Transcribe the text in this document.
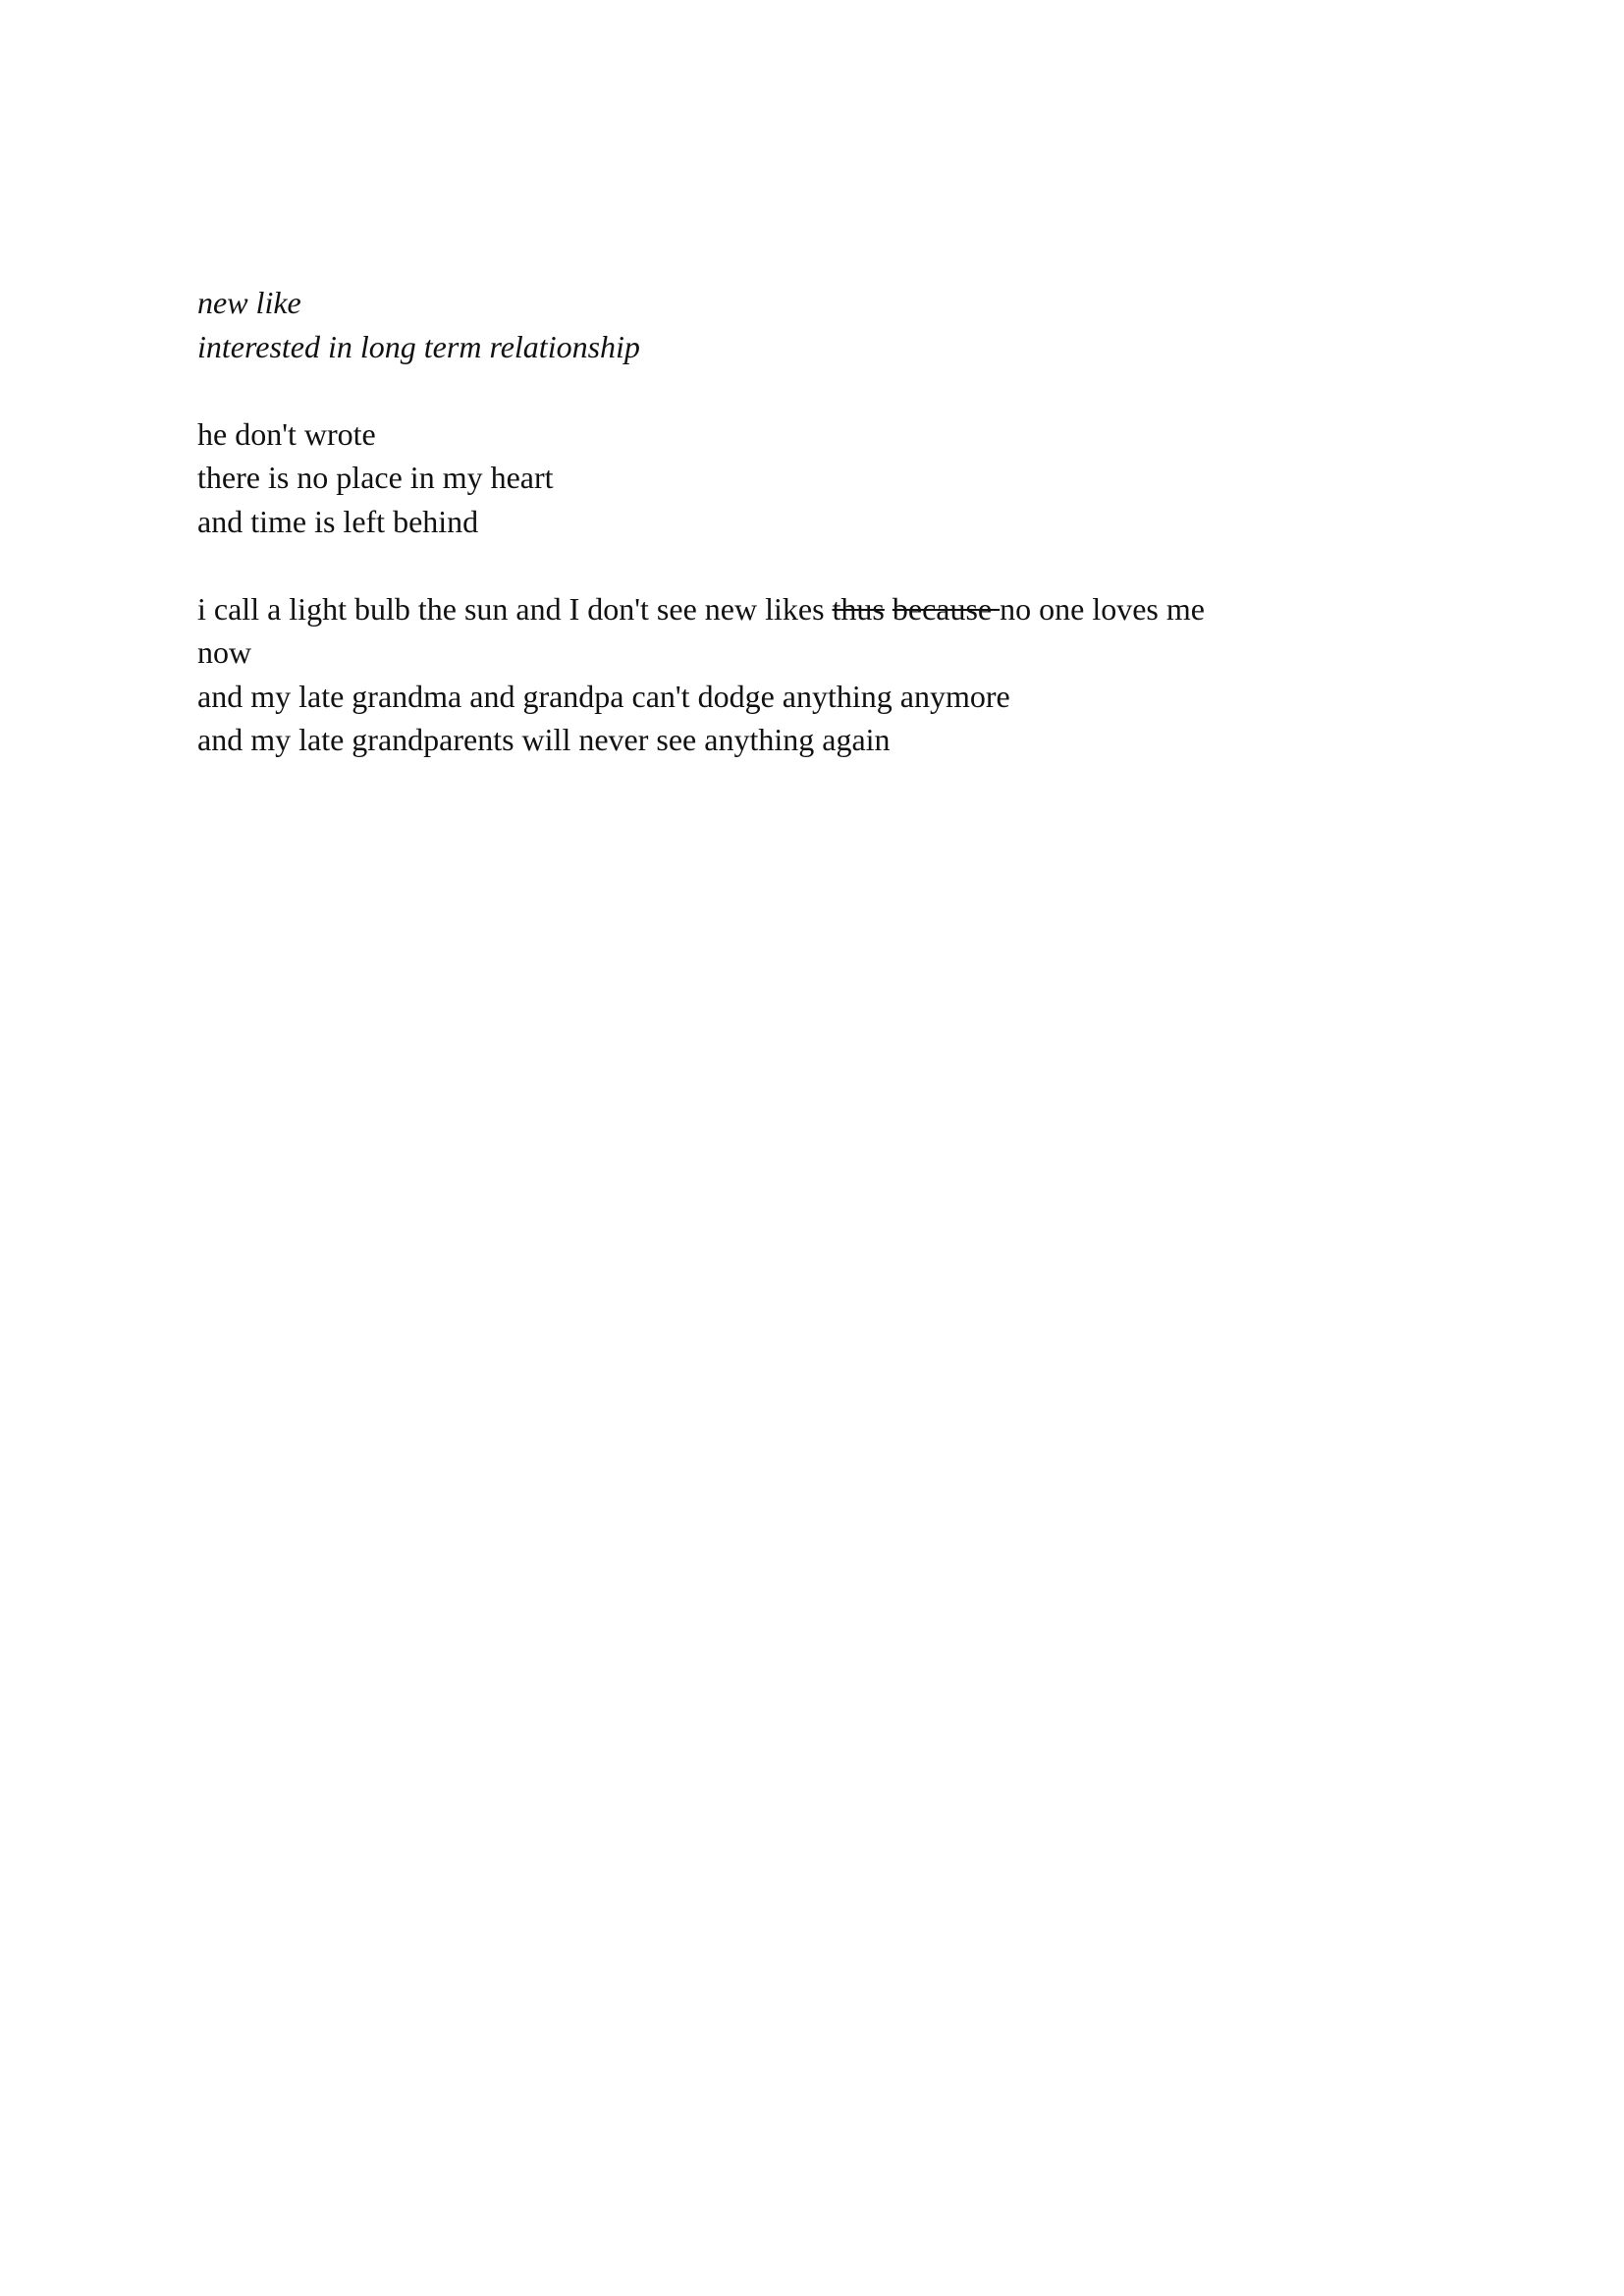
new like
interested in long term relationship
he don't wrote
there is no place in my heart
and time is left behind
i call a light bulb the sun and I don't see new likes thus because no one loves me
now
and my late grandma and grandpa can't dodge anything anymore
and my late grandparents will never see anything again
